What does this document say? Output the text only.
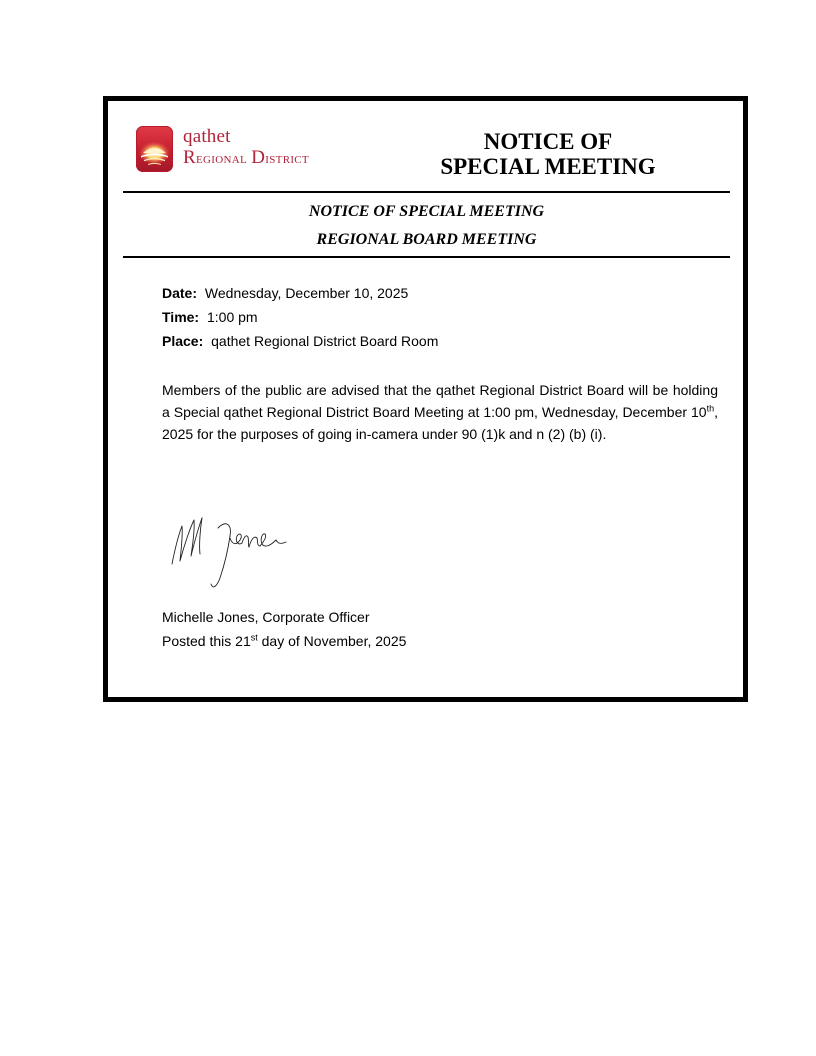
qathet
Regional District
NOTICE OF
SPECIAL MEETING
NOTICE OF SPECIAL MEETING
REGIONAL BOARD MEETING
Date: Wednesday, December 10, 2025
Time: 1:00 pm
Place: qathet Regional District Board Room
Members of the public are advised that the qathet Regional District Board will be holding a Special qathet Regional District Board Meeting at 1:00 pm, Wednesday, December 10th, 2025 for the purposes of going in-camera under 90 (1)k and n (2) (b) (i).
Michelle Jones, Corporate Officer
Posted this 21st day of November, 2025
